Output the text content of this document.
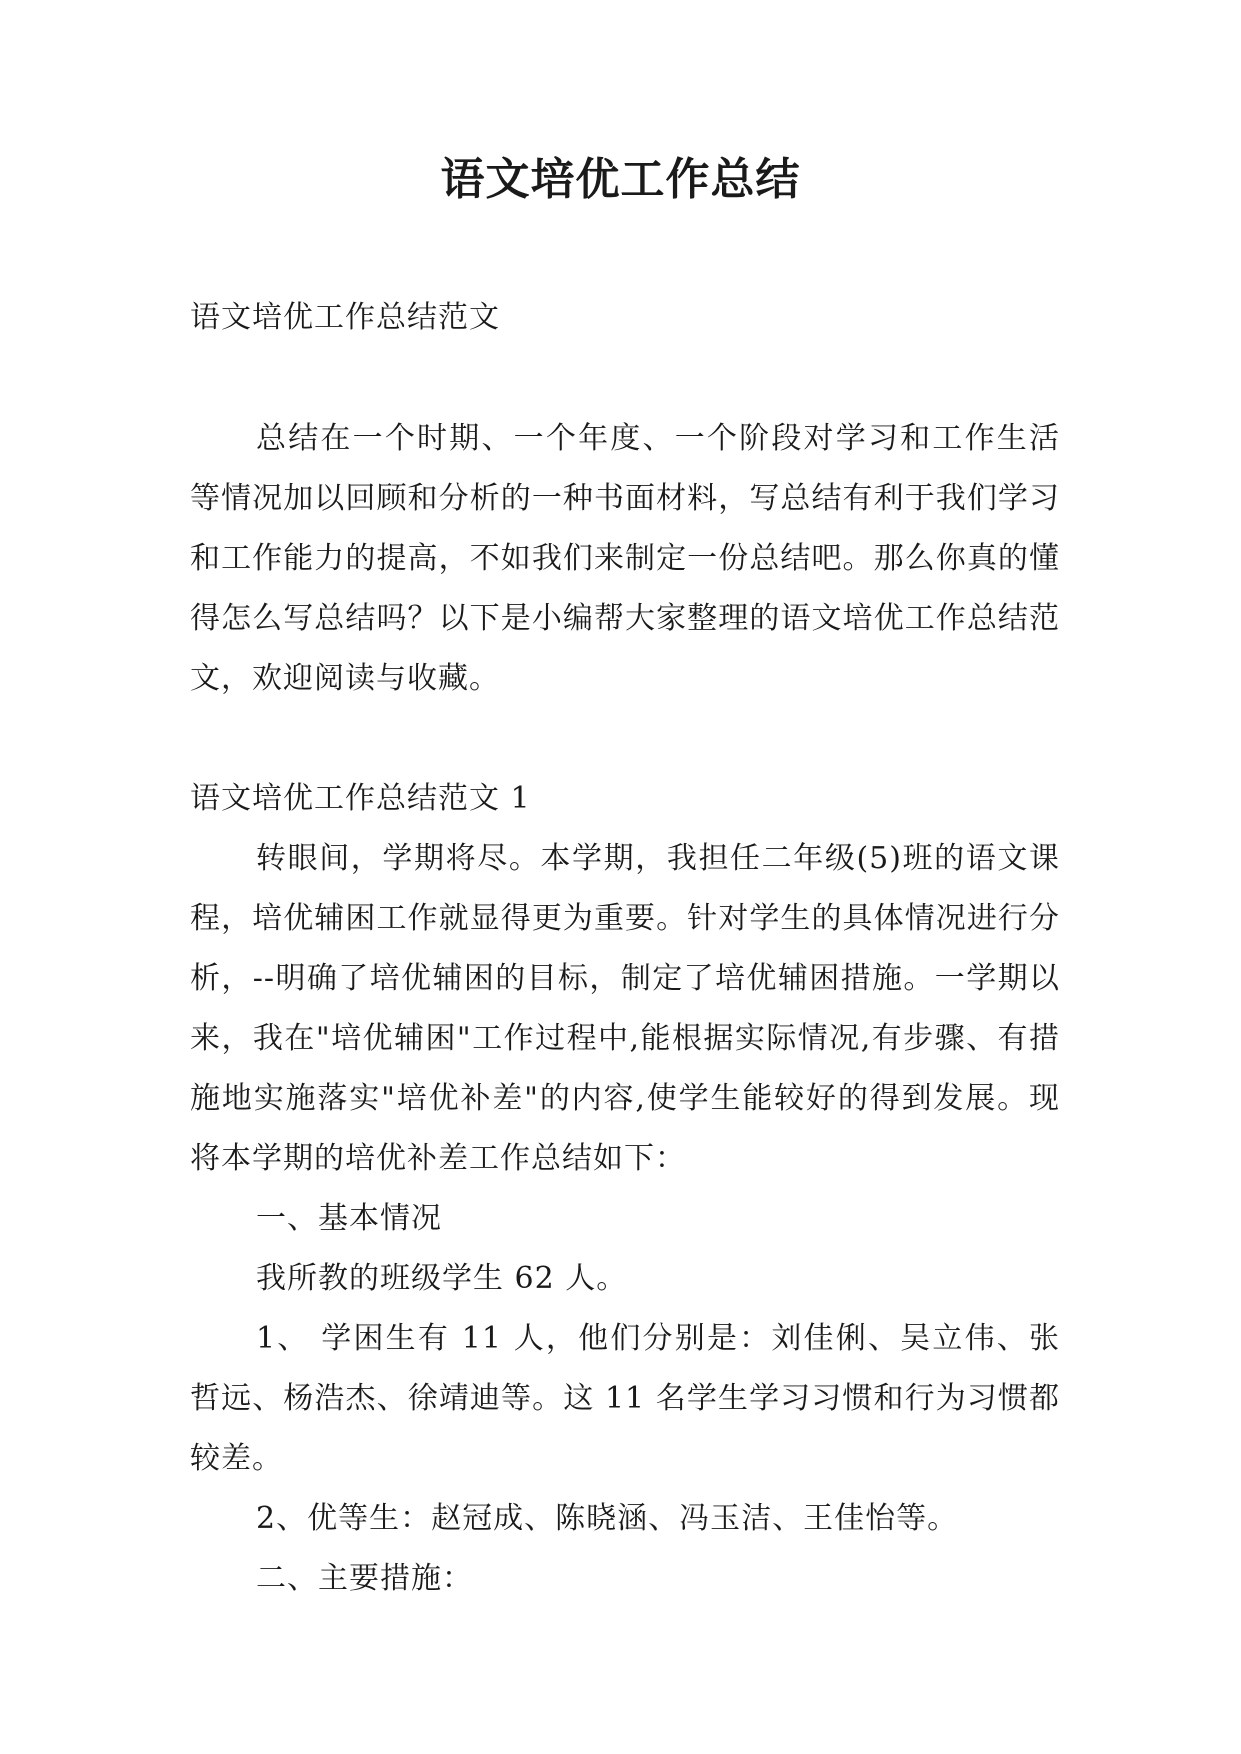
语文培优工作总结

语文培优工作总结范文

总结在一个时期、一个年度、一个阶段对学习和工作生活等情况加以回顾和分析的一种书面材料，写总结有利于我们学习和工作能力的提高，不如我们来制定一份总结吧。那么你真的懂得怎么写总结吗？以下是小编帮大家整理的语文培优工作总结范文，欢迎阅读与收藏。

语文培优工作总结范文 1

转眼间，学期将尽。本学期，我担任二年级(5)班的语文课程，培优辅困工作就显得更为重要。针对学生的具体情况进行分析，--明确了培优辅困的目标，制定了培优辅困措施。一学期以来，我在"培优辅困"工作过程中,能根据实际情况,有步骤、有措施地实施落实"培优补差"的内容,使学生能较好的得到发展。现将本学期的培优补差工作总结如下：

一、基本情况

我所教的班级学生 62 人。

1、 学困生有 11 人，他们分别是：刘佳俐、吴立伟、张哲远、杨浩杰、徐靖迪等。这 11 名学生学习习惯和行为习惯都较差。

2、优等生：赵冠成、陈晓涵、冯玉洁、王佳怡等。

二、主要措施：
